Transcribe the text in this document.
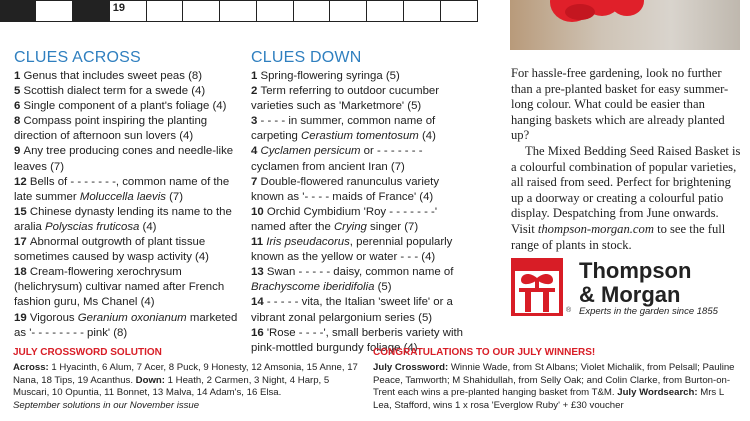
19
CLUES ACROSS

1 Genus that includes sweet peas (8)

5 Scottish dialect term for a swede (4)

6 Single component of a plant's foliage (4)

8 Compass point inspiring the planting direction of afternoon sun lovers (4)

9 Any tree producing cones and needle-like leaves (7)

12 Bells of - - - - - - -, common name of the late summer Moluccella laevis (7)

15 Chinese dynasty lending its name to the aralia Polyscias fruticosa (4)

17 Abnormal outgrowth of plant tissue sometimes caused by wasp activity (4)

18 Cream-flowering xerochrysum (helichrysum) cultivar named after French fashion guru, Ms Chanel (4)

19 Vigorous Geranium oxonianum marketed as '- - - - - - - - pink' (8)

CLUES DOWN

1 Spring-flowering syringa (5)

2 Term referring to outdoor cucumber varieties such as 'Marketmore' (5)

3 - - - - in summer, common name of carpeting Cerastium tomentosum (4)

4 Cyclamen persicum or - - - - - - - cyclamen from ancient Iran (7)

7 Double-flowered ranunculus variety known as '- - - - maids of France' (4)

10 Orchid Cymbidium 'Roy - - - - - - -' named after the Crying singer (7)

11 Iris pseudacorus, perennial popularly known as the yellow or water - - - (4)

13 Swan - - - - - daisy, common name of Brachyscome iberidifolia (5)

14 - - - - - vita, the Italian 'sweet life' or a vibrant zonal pelargonium series (5)

16 'Rose - - - -', small berberis variety with pink-mottled burgundy foliage (4)

For hassle-free gardening, look no further than a pre-planted basket for easy summer-long colour. What could be easier than hanging baskets which are already planted up?

The Mixed Bedding Seed Raised Basket is a colourful combination of popular varieties, all raised from seed. Perfect for brightening up a doorway or creating a colourful patio display. Despatching from June onwards. Visit thompson-morgan.com to see the full range of plants in stock.

Thompson
& Morgan
® Experts in the garden since 1855
JULY CROSSWORD SOLUTION

Across: 1 Hyacinth, 6 Alum, 7 Acer, 8 Puck, 9 Honesty, 12 Amsonia, 15 Anne, 17 Nana, 18 Tips, 19 Acanthus. Down: 1 Heath, 2 Carmen, 3 Night, 4 Harp, 5 Muscari, 10 Opuntia, 11 Bonnet, 13 Malva, 14 Adam's, 16 Elsa.

September solutions in our November issue

CONGRATULATIONS TO OUR JULY WINNERS!

July Crossword: Winnie Wade, from St Albans; Violet Michalik, from Pelsall; Pauline Peace, Tamworth; M Shahidullah, from Selly Oak; and Colin Clarke, from Burton-on-Trent each wins a pre-planted hanging basket from T&M. July Wordsearch: Mrs L Lea, Stafford, wins 1 x rosa 'Everglow Ruby' + £30 voucher
